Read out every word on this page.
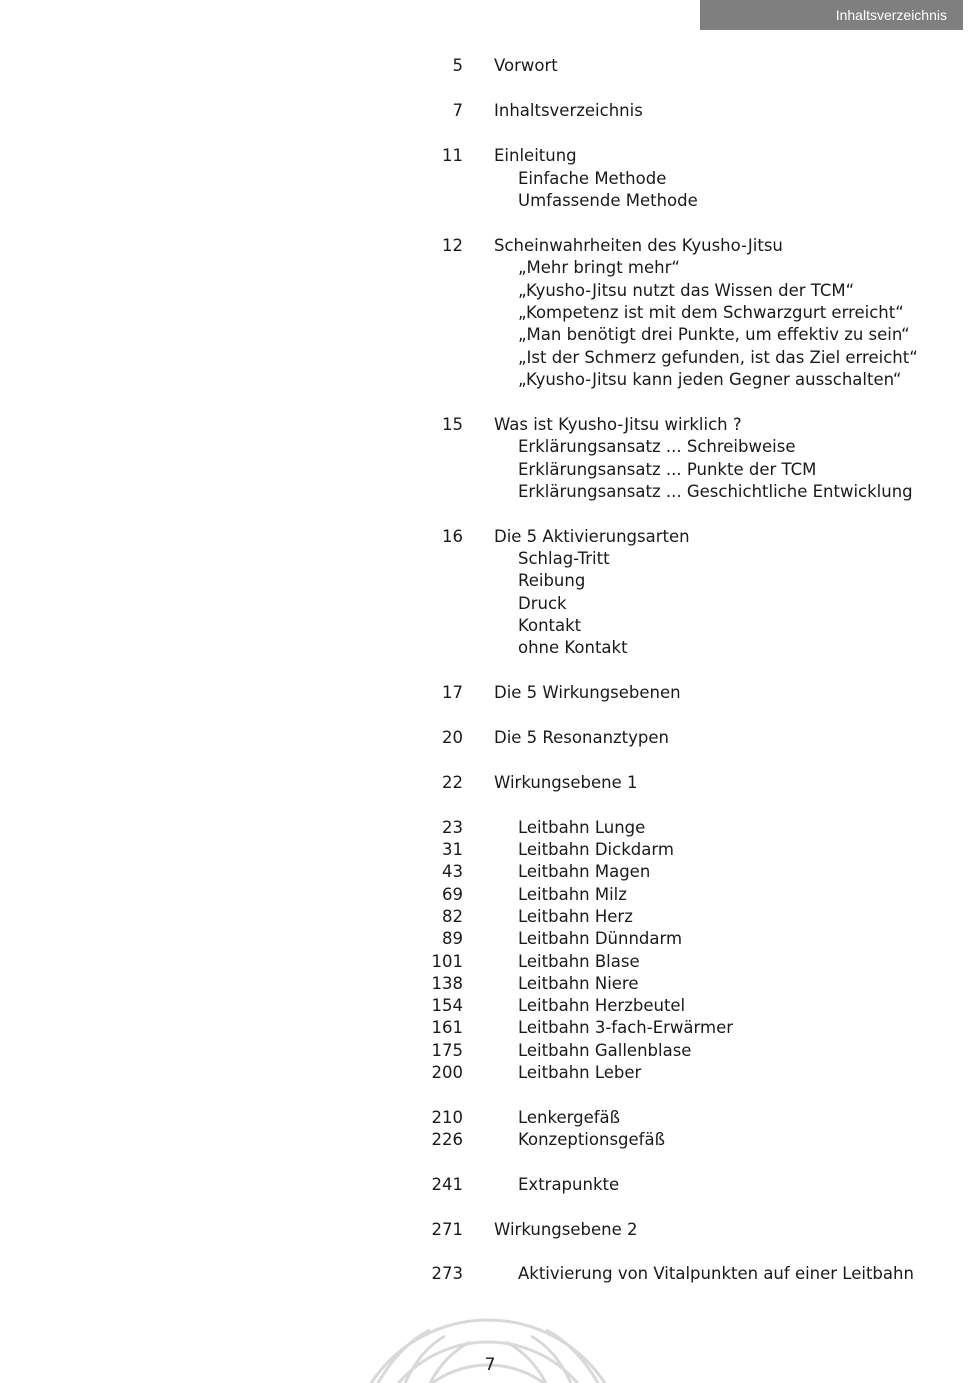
Inhaltsverzeichnis
5 Vorwort
7 Inhaltsverzeichnis
11 Einleitung
Einfache Methode
Umfassende Methode
12 Scheinwahrheiten des Kyusho-Jitsu
„Mehr bringt mehr“
„Kyusho-Jitsu nutzt das Wissen der TCM“
„Kompetenz ist mit dem Schwarzgurt erreicht“
„Man benötigt drei Punkte, um effektiv zu sein“
„Ist der Schmerz gefunden, ist das Ziel erreicht“
„Kyusho-Jitsu kann jeden Gegner ausschalten“
15 Was ist Kyusho-Jitsu wirklich ?
Erklärungsansatz ... Schreibweise
Erklärungsansatz ... Punkte der TCM
Erklärungsansatz ... Geschichtliche Entwicklung
16 Die 5 Aktivierungsarten
Schlag-Tritt
Reibung
Druck
Kontakt
ohne Kontakt
17 Die 5 Wirkungsebenen
20 Die 5 Resonanztypen
22 Wirkungsebene 1
23	Leitbahn Lunge
31	Leitbahn Dickdarm
43	Leitbahn Magen
69	Leitbahn Milz
82	Leitbahn Herz
89	Leitbahn Dünndarm
101	Leitbahn Blase
138	Leitbahn Niere
154	Leitbahn Herzbeutel
161	Leitbahn 3-fach-Erwärmer
175	Leitbahn Gallenblase
200	Leitbahn Leber
210	Lenkergefäß
226	Konzeptionsgefäß
241	Extrapunkte
271 Wirkungsebene 2
273	Aktivierung von Vitalpunkten auf einer Leitbahn
7
